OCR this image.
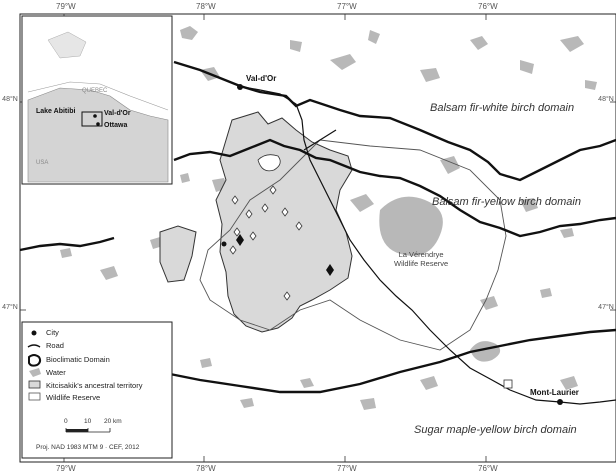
79°W	78°W	77°W	76°W
79°W	78°W	77°W	76°W
48°N
47°N
48°N
47°N
Balsam fir-white birch domain
Balsam fir-yellow birch domain
Sugar maple-yellow birch domain
Val-d'Or
Mont-Laurier
La Vérendrye
Wildlife Reserve
QUEBEC
USA
Lake Abitibi	Val-d'Or
Ottawa
City
Road
Bioclimatic Domain
Water
Kitcisakik's ancestral territory
Wildlife Reserve
0	10 20 km
Proj. NAD 1983 MTM 9 · CEF, 2012
